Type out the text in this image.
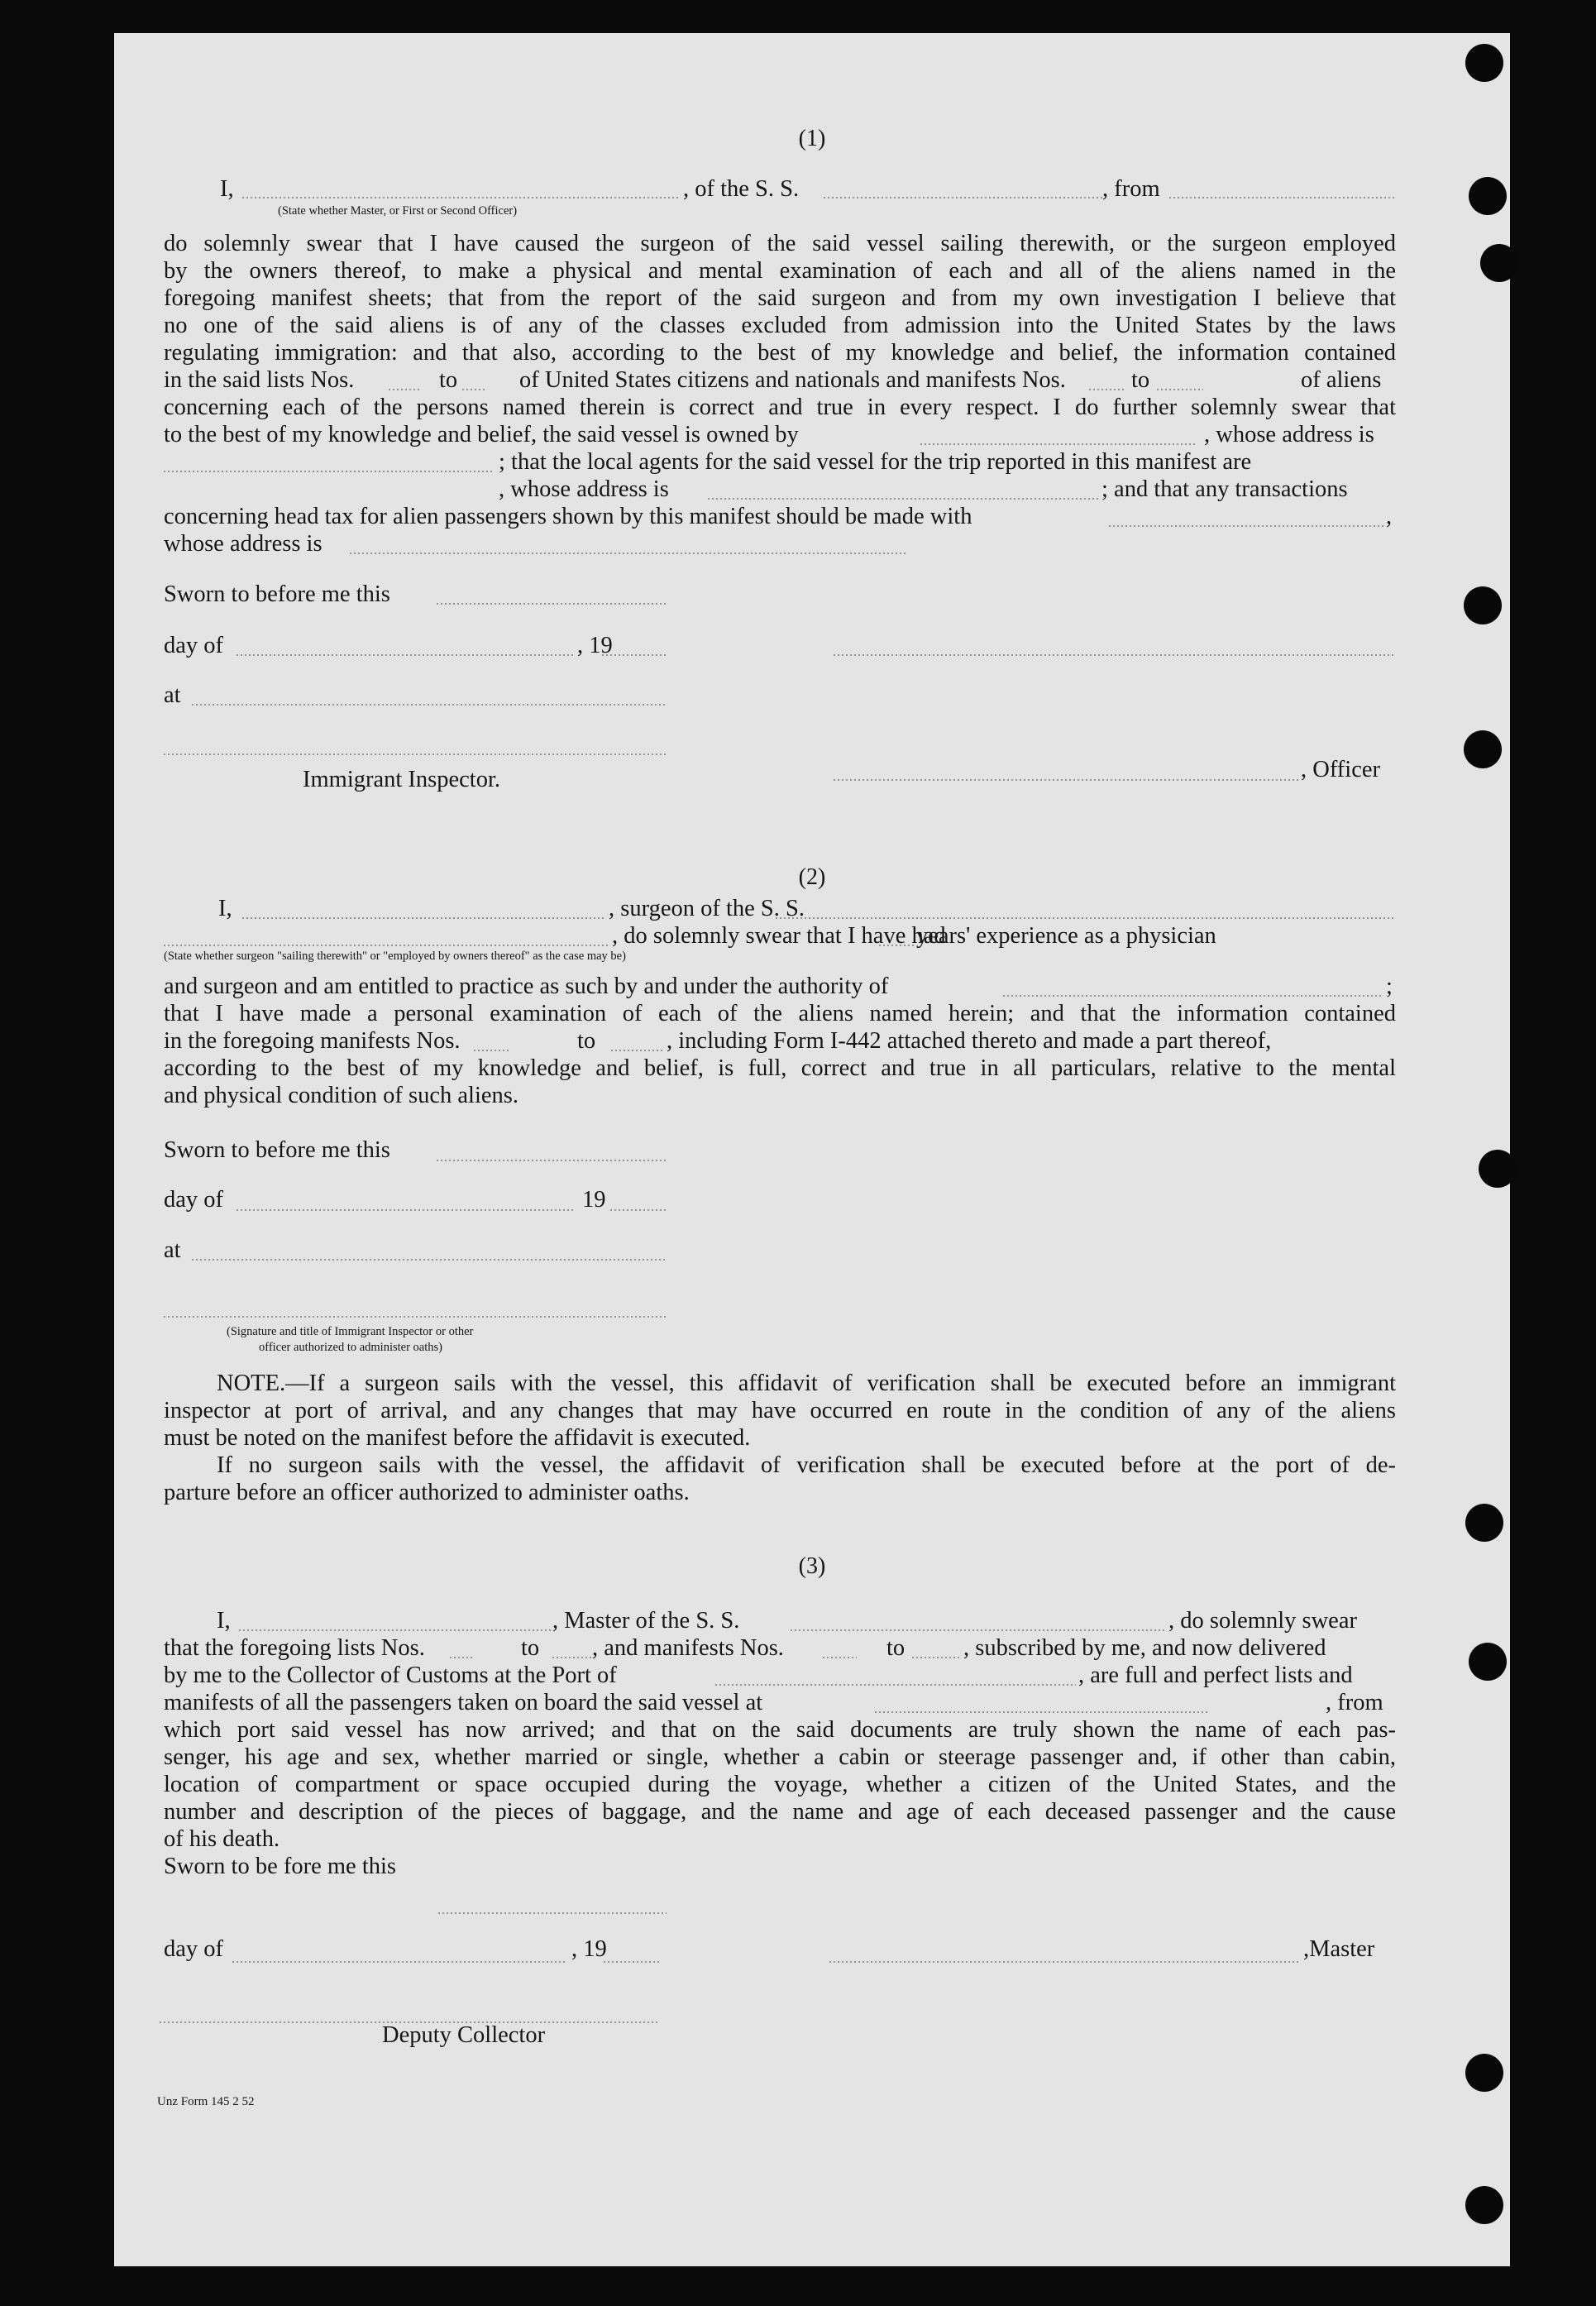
(1)
I,	, of the S. S.	, from
(State whether Master, or First or Second Officer)

do solemnly swear that I have caused the surgeon of the said vessel sailing therewith, or the surgeon employed

by the owners thereof, to make a physical and mental examination of each and all of the aliens named in the

foregoing manifest sheets; that from the report of the said surgeon and from my own investigation I believe that

no one of the said aliens is of any of the classes excluded from admission into the United States by the laws

regulating immigration: and that also, according to the best of my knowledge and belief, the information contained

in the said lists Nos.	to	of United States citizens and nationals and manifests Nos.	to	of aliens

concerning each of the persons named therein is correct and true in every respect. I do further solemnly swear that

to the best of my knowledge and belief, the said vessel is owned by	, whose address is
; that the local agents for the said vessel for the trip reported in this manifest are
, whose address is	; and that any transactions
concerning head tax for alien passengers shown by this manifest should be made with	,
whose address is
Sworn to before me this
day of	, 19
at
Immigrant Inspector.	, Officer
(2)
I,	, surgeon of the S. S.
, do solemnly swear that I have had
years' experience as a physician
(State whether surgeon "sailing therewith" or "employed by owners thereof" as the case may be)
and surgeon and am entitled to practice as such by and under the authority of	;

that I have made a personal examination of each of the aliens named herein; and that the information contained

in the foregoing manifests Nos.	to	, including Form I-442 attached thereto and made a part thereof,

according to the best of my knowledge and belief, is full, correct and true in all particulars, relative to the mental

and physical condition of such aliens.
Sworn to before me this
day of	19
at
(Signature and title of Immigrant Inspector or other
officer authorized to administer oaths)

NOTE.—If a surgeon sails with the vessel, this affidavit of verification shall be executed before an immigrant

inspector at port of arrival, and any changes that may have occurred en route in the condition of any of the aliens

must be noted on the manifest before the affidavit is executed.

If no surgeon sails with the vessel, the affidavit of verification shall be executed before at the port of de-

parture before an officer authorized to administer oaths.

(3)
I,	, Master of the S. S.	, do solemnly swear
that the foregoing lists Nos.	to	, and manifests Nos.	to	, subscribed by me, and now delivered
by me to the Collector of Customs at the Port of	, are full and perfect lists and
manifests of all the passengers taken on board the said vessel at	, from

which port said vessel has now arrived; and that on the said documents are truly shown the name of each pas-

senger, his age and sex, whether married or single, whether a cabin or steerage passenger and, if other than cabin,

location of compartment or space occupied during the voyage, whether a citizen of the United States, and the

number and description of the pieces of baggage, and the name and age of each deceased passenger and the cause

of his death.

Sworn to be fore me this
day of	, 19	,Master
Deputy Collector
Unz Form 145 2 52
